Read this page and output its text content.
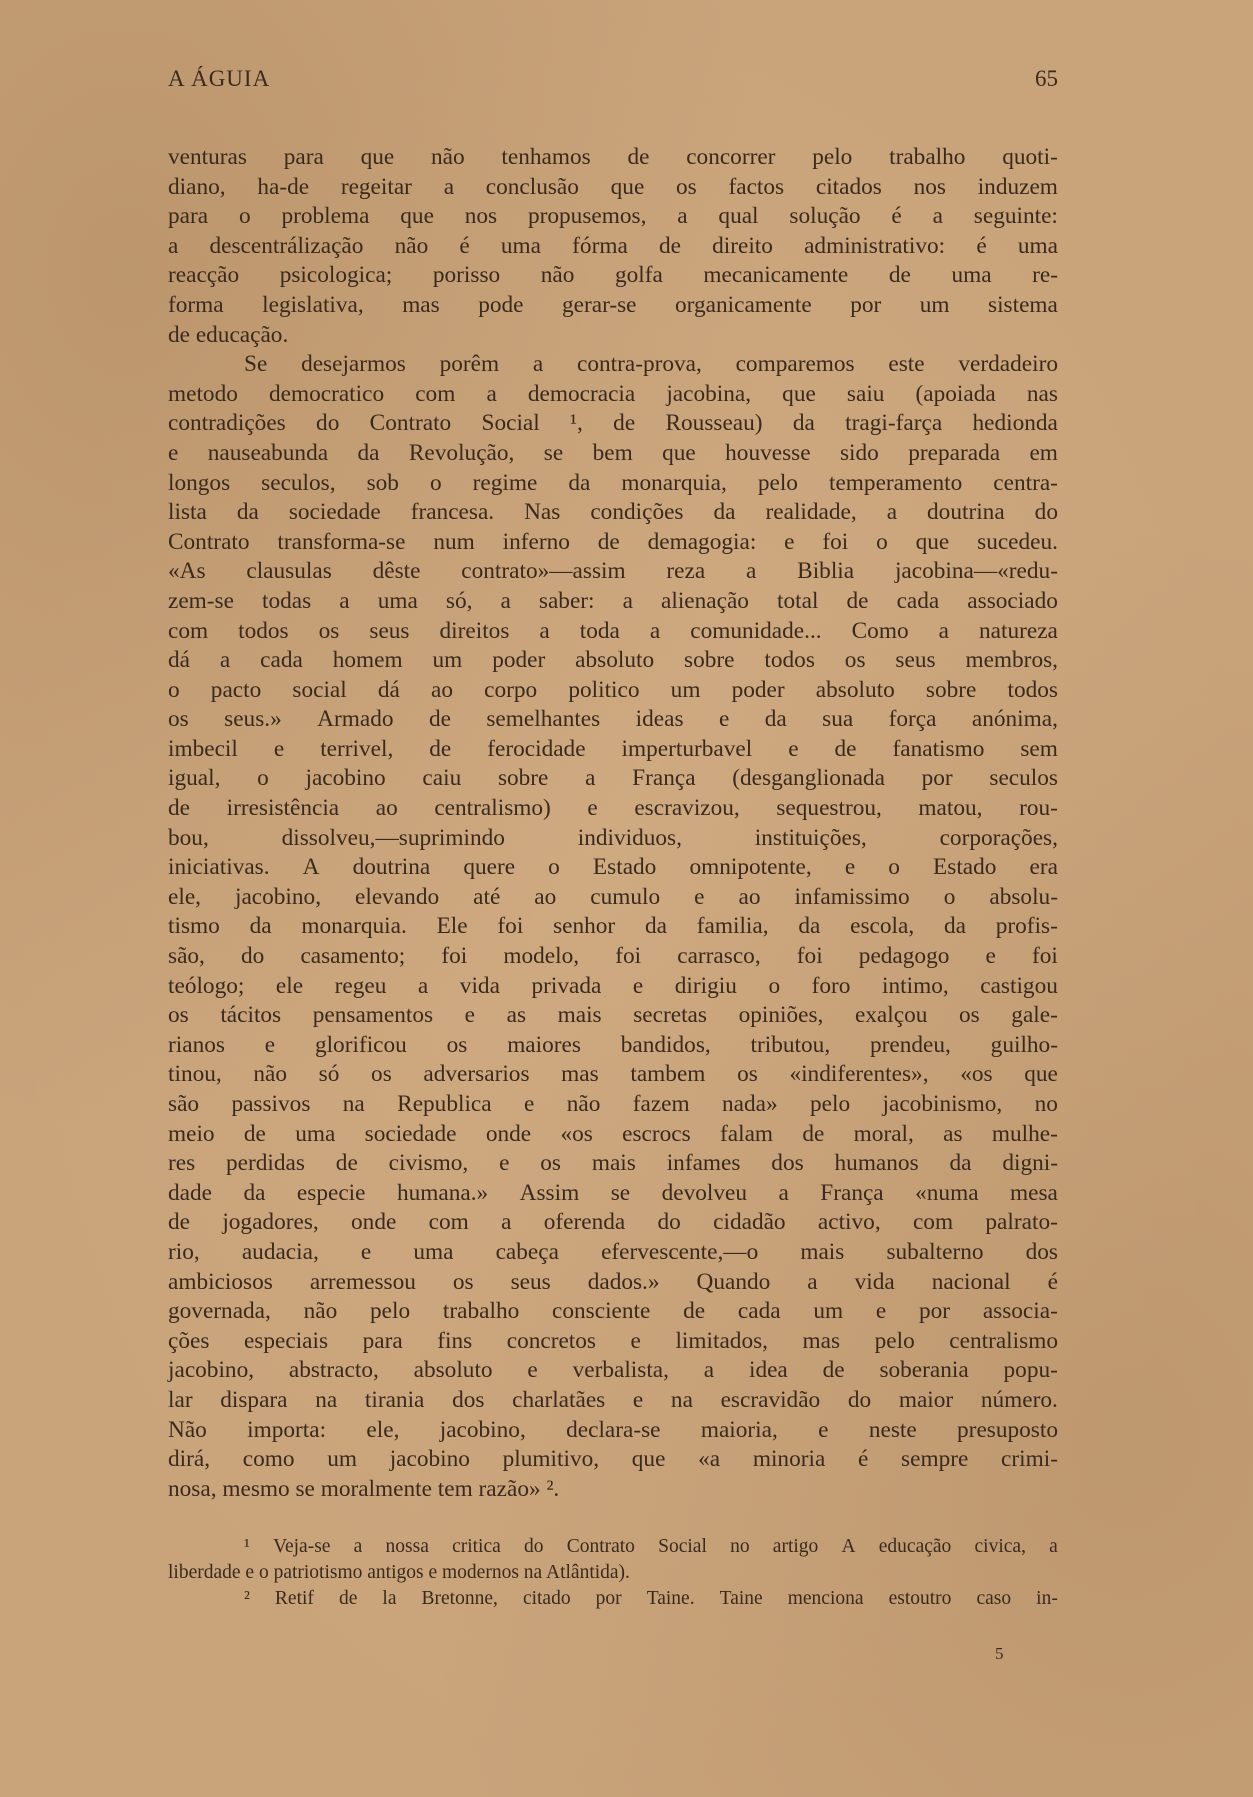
A ÁGUIA	65
venturas para que não tenhamos de concorrer pelo trabalho quoti-
diano, ha-de regeitar a conclusão que os factos citados nos induzem
para o problema que nos propusemos, a qual solução é a seguinte:
a descentrálização não é uma fórma de direito administrativo: é uma
reacção psicologica; porisso não golfa mecanicamente de uma re-
forma legislativa, mas pode gerar-se organicamente por um sistema
de educação.
Se desejarmos porêm a contra-prova, comparemos este verdadeiro
metodo democratico com a democracia jacobina, que saiu (apoiada nas
contradições do Contrato Social ¹, de Rousseau) da tragi-farça hedionda
e nauseabunda da Revolução, se bem que houvesse sido preparada em
longos seculos, sob o regime da monarquia, pelo temperamento centra-
lista da sociedade francesa. Nas condições da realidade, a doutrina do
Contrato transforma-se num inferno de demagogia: e foi o que sucedeu.
«As clausulas dêste contrato»—assim reza a Biblia jacobina—«redu-
zem-se todas a uma só, a saber: a alienação total de cada associado
com todos os seus direitos a toda a comunidade... Como a natureza
dá a cada homem um poder absoluto sobre todos os seus membros,
o pacto social dá ao corpo politico um poder absoluto sobre todos
os seus.» Armado de semelhantes ideas e da sua força anónima,
imbecil e terrivel, de ferocidade imperturbavel e de fanatismo sem
igual, o jacobino caiu sobre a França (desganglionada por seculos
de irresistência ao centralismo) e escravizou, sequestrou, matou, rou-
bou,	dissolveu,—suprimindo	individuos,	instituições,	corporações,
iniciativas. A doutrina quere o Estado omnipotente, e o Estado era
ele, jacobino, elevando até ao cumulo e ao infamissimo o absolu-
tismo da monarquia. Ele foi senhor da familia, da escola, da profis-
são, do casamento; foi modelo, foi carrasco, foi pedagogo e foi
teólogo; ele regeu a vida privada e dirigiu o foro intimo, castigou
os tácitos pensamentos e as mais secretas opiniões, exalçou os gale-
rianos e glorificou os maiores bandidos, tributou, prendeu, guilho-
tinou, não só os adversarios mas tambem os «indiferentes», «os que
são passivos na Republica e não fazem nada» pelo jacobinismo, no
meio de uma sociedade onde «os escrocs falam de moral, as mulhe-
res perdidas de civismo, e os mais infames dos humanos da digni-
dade da especie humana.» Assim se devolveu a França «numa mesa
de jogadores, onde com a oferenda do cidadão activo, com palrato-
rio, audacia, e uma cabeça efervescente,—o mais subalterno dos
ambiciosos arremessou os seus dados.» Quando a vida nacional é
governada, não pelo trabalho consciente de cada um e por associa-
ções especiais para fins concretos e limitados, mas pelo centralismo
jacobino, abstracto, absoluto e verbalista, a idea de soberania popu-
lar dispara na tirania dos charlatães e na escravidão do maior número.
Não importa: ele, jacobino, declara-se maioria, e neste presuposto
dirá, como um jacobino plumitivo, que «a minoria é sempre crimi-
nosa, mesmo se moralmente tem razão» ².
¹ Veja-se a nossa critica do Contrato Social no artigo A educação civica, a
liberdade e o patriotismo antigos e modernos na Atlântida).
² Retif de la Bretonne, citado por Taine. Taine menciona estoutro caso in-
5
